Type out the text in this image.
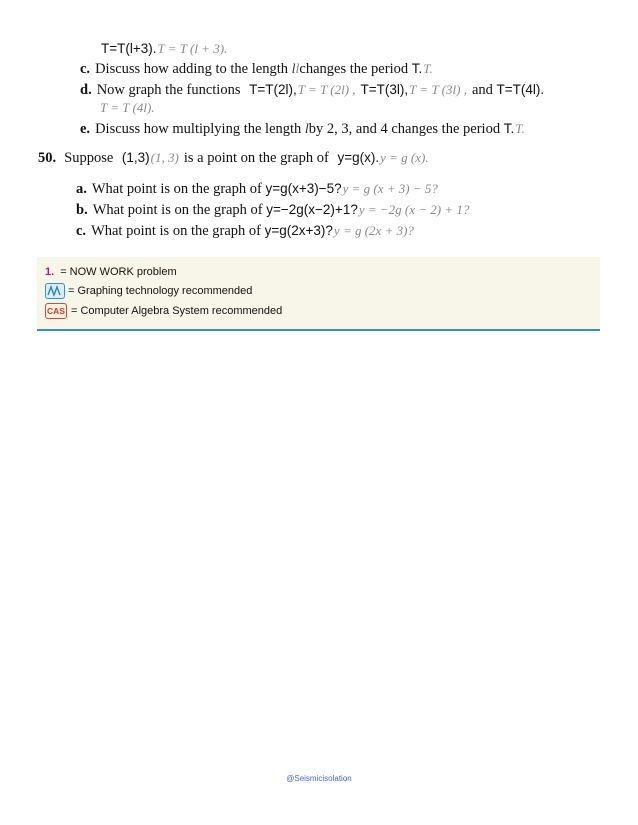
T=T(l+3).T = T (l + 3).
c. Discuss how adding to the length llchanges the period T.T.
d. Now graph the functions T=T(2l),T = T (2l) , T=T(3l),T = T (3l) , and T=T(4l).
T = T (4l).
e. Discuss how multiplying the length lby 2, 3, and 4 changes the period T.T.
50. Suppose (1,3)(1, 3) is a point on the graph of y=g(x).y = g (x).
a. What point is on the graph of y=g(x+3)−5?y = g (x + 3) − 5?
b. What point is on the graph of y=−2g(x−2)+1?y = −2g (x − 2) + 1?
c. What point is on the graph of y=g(2x+3)?y = g (2x + 3)?
1. = NOW WORK problem
= Graphing technology recommended
CAS = Computer Algebra System recommended
@Seismicisolation
